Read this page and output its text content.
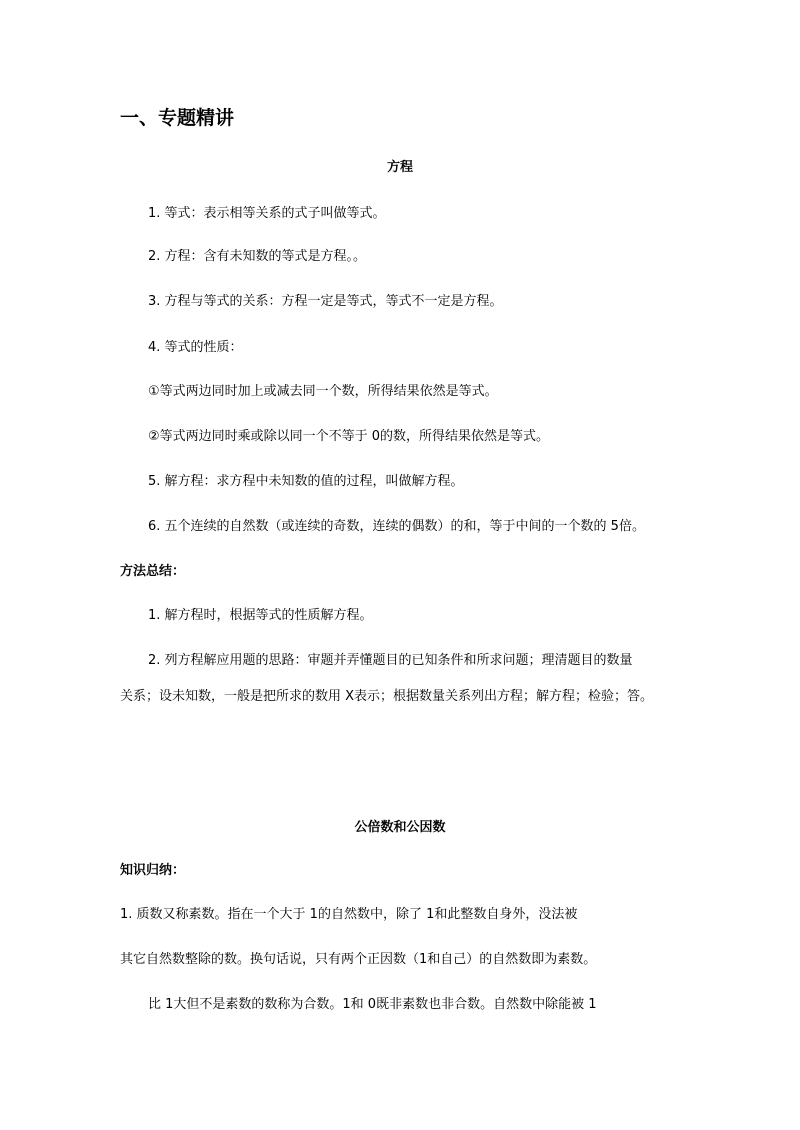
一、专题精讲
方程
1. 等式：表示相等关系的式子叫做等式。
2. 方程：含有未知数的等式是方程。。
3. 方程与等式的关系：方程一定是等式，等式不一定是方程。
4. 等式的性质：
①等式两边同时加上或减去同一个数，所得结果依然是等式。
②等式两边同时乘或除以同一个不等于 0的数，所得结果依然是等式。
5. 解方程：求方程中未知数的值的过程，叫做解方程。
6. 五个连续的自然数（或连续的奇数，连续的偶数）的和，等于中间的一个数的 5倍。
方法总结：
1. 解方程时，根据等式的性质解方程。
2. 列方程解应用题的思路：审题并弄懂题目的已知条件和所求问题；理清题目的数量
关系；设未知数，一般是把所求的数用 X表示；根据数量关系列出方程；解方程；检验；答。
公倍数和公因数
知识归纳：
1. 质数又称素数。指在一个大于 1的自然数中，除了 1和此整数自身外，没法被
其它自然数整除的数。换句话说，只有两个正因数（1和自己）的自然数即为素数。
比 1大但不是素数的数称为合数。1和 0既非素数也非合数。自然数中除能被 1
